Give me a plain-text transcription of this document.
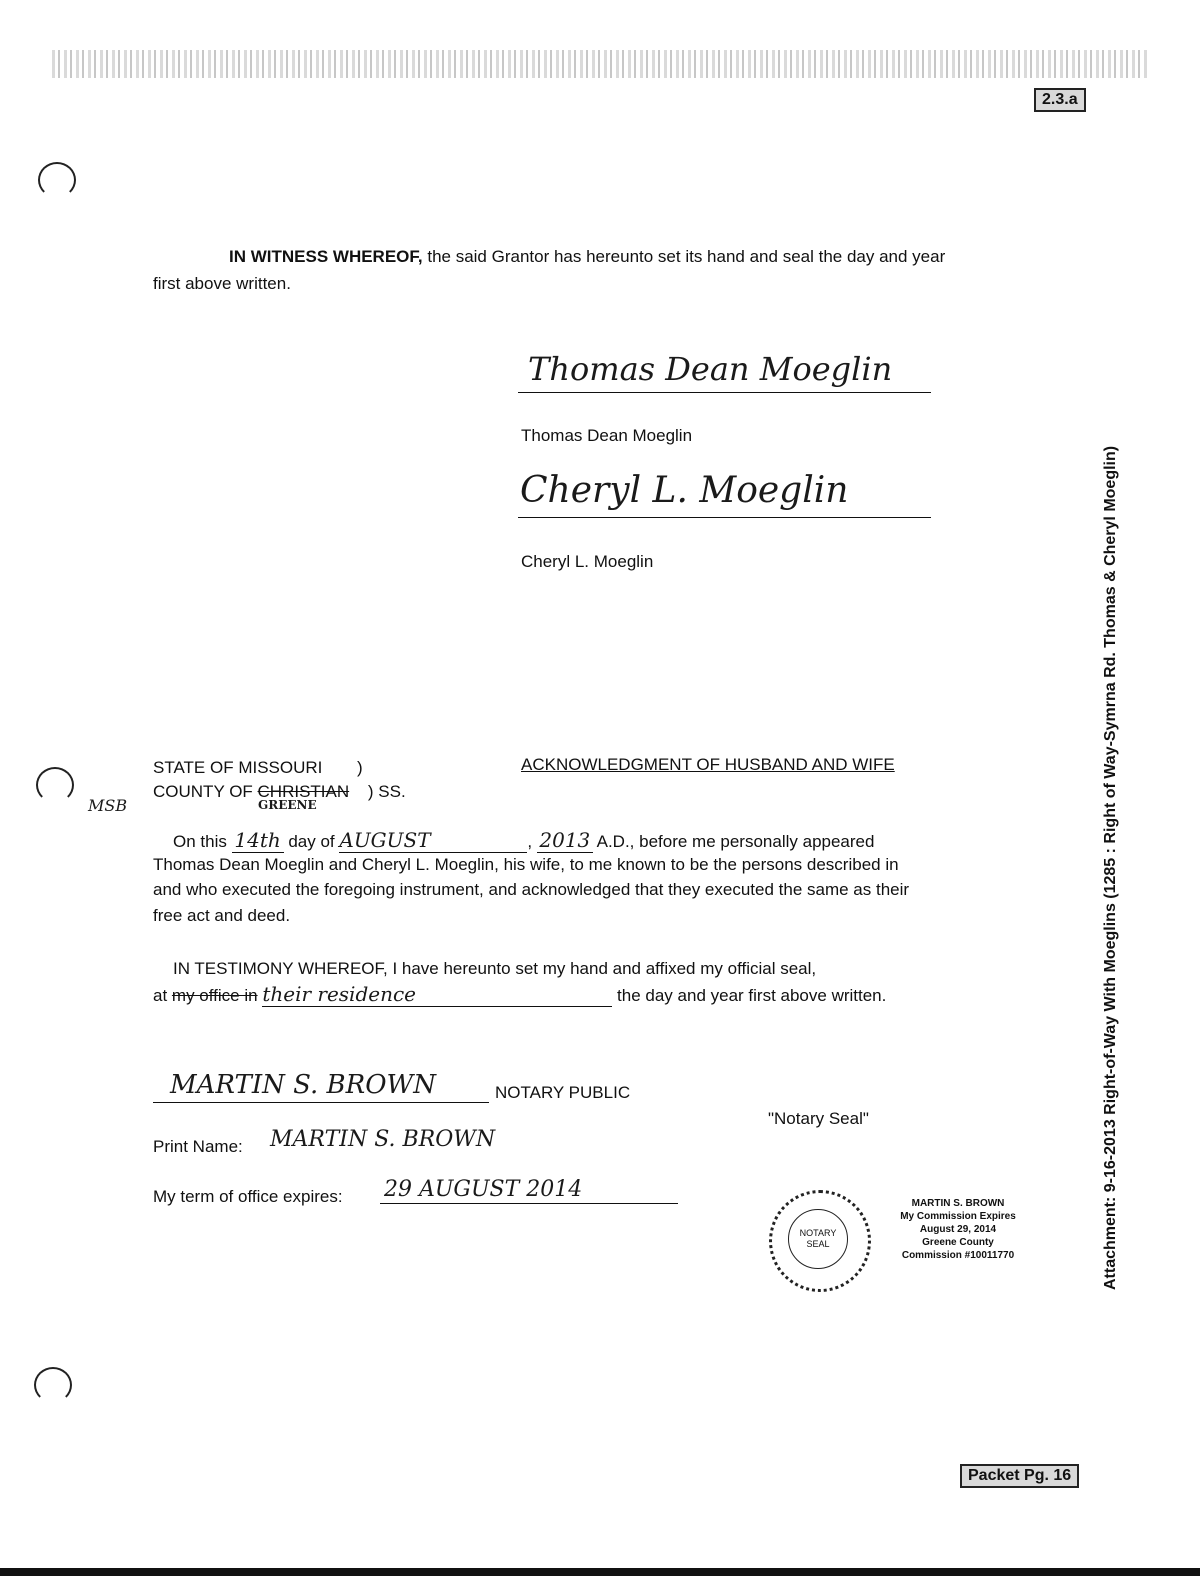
2.3.a
IN WITNESS WHEREOF, the said Grantor has hereunto set its hand and seal the day and year
first above written.
Thomas Dean Moeglin
Thomas Dean Moeglin
Cheryl L. Moeglin
Cheryl L. Moeglin
STATE OF MISSOURI )
COUNTY OF CHRISTIAN ) SS.
GREENE
MSB
ACKNOWLEDGMENT OF HUSBAND AND WIFE
On this 14th day of AUGUST	, 2013 A.D., before me personally appeared
Thomas Dean Moeglin and Cheryl L. Moeglin, his wife, to me known to be the persons described in
and who executed the foregoing instrument, and acknowledged that they executed the same as their
free act and deed.
IN TESTIMONY WHEREOF, I have hereunto set my hand and affixed my official seal,
at my office in their residence	the day and year first above written.
MARTIN S. BROWN	NOTARY PUBLIC
"Notary Seal"
Print Name: MARTIN S. BROWN
My term of office expires: 29 AUGUST 2014
NOTARY
SEAL
MARTIN S. BROWN
My Commission Expires
August 29, 2014
Greene County
Commission #10011770	Attachment: 9-16-2013 Right-of-Way With Moeglins (1285 : Right of Way-Symrna Rd. Thomas & Cheryl Moeglin)
Packet Pg. 16
